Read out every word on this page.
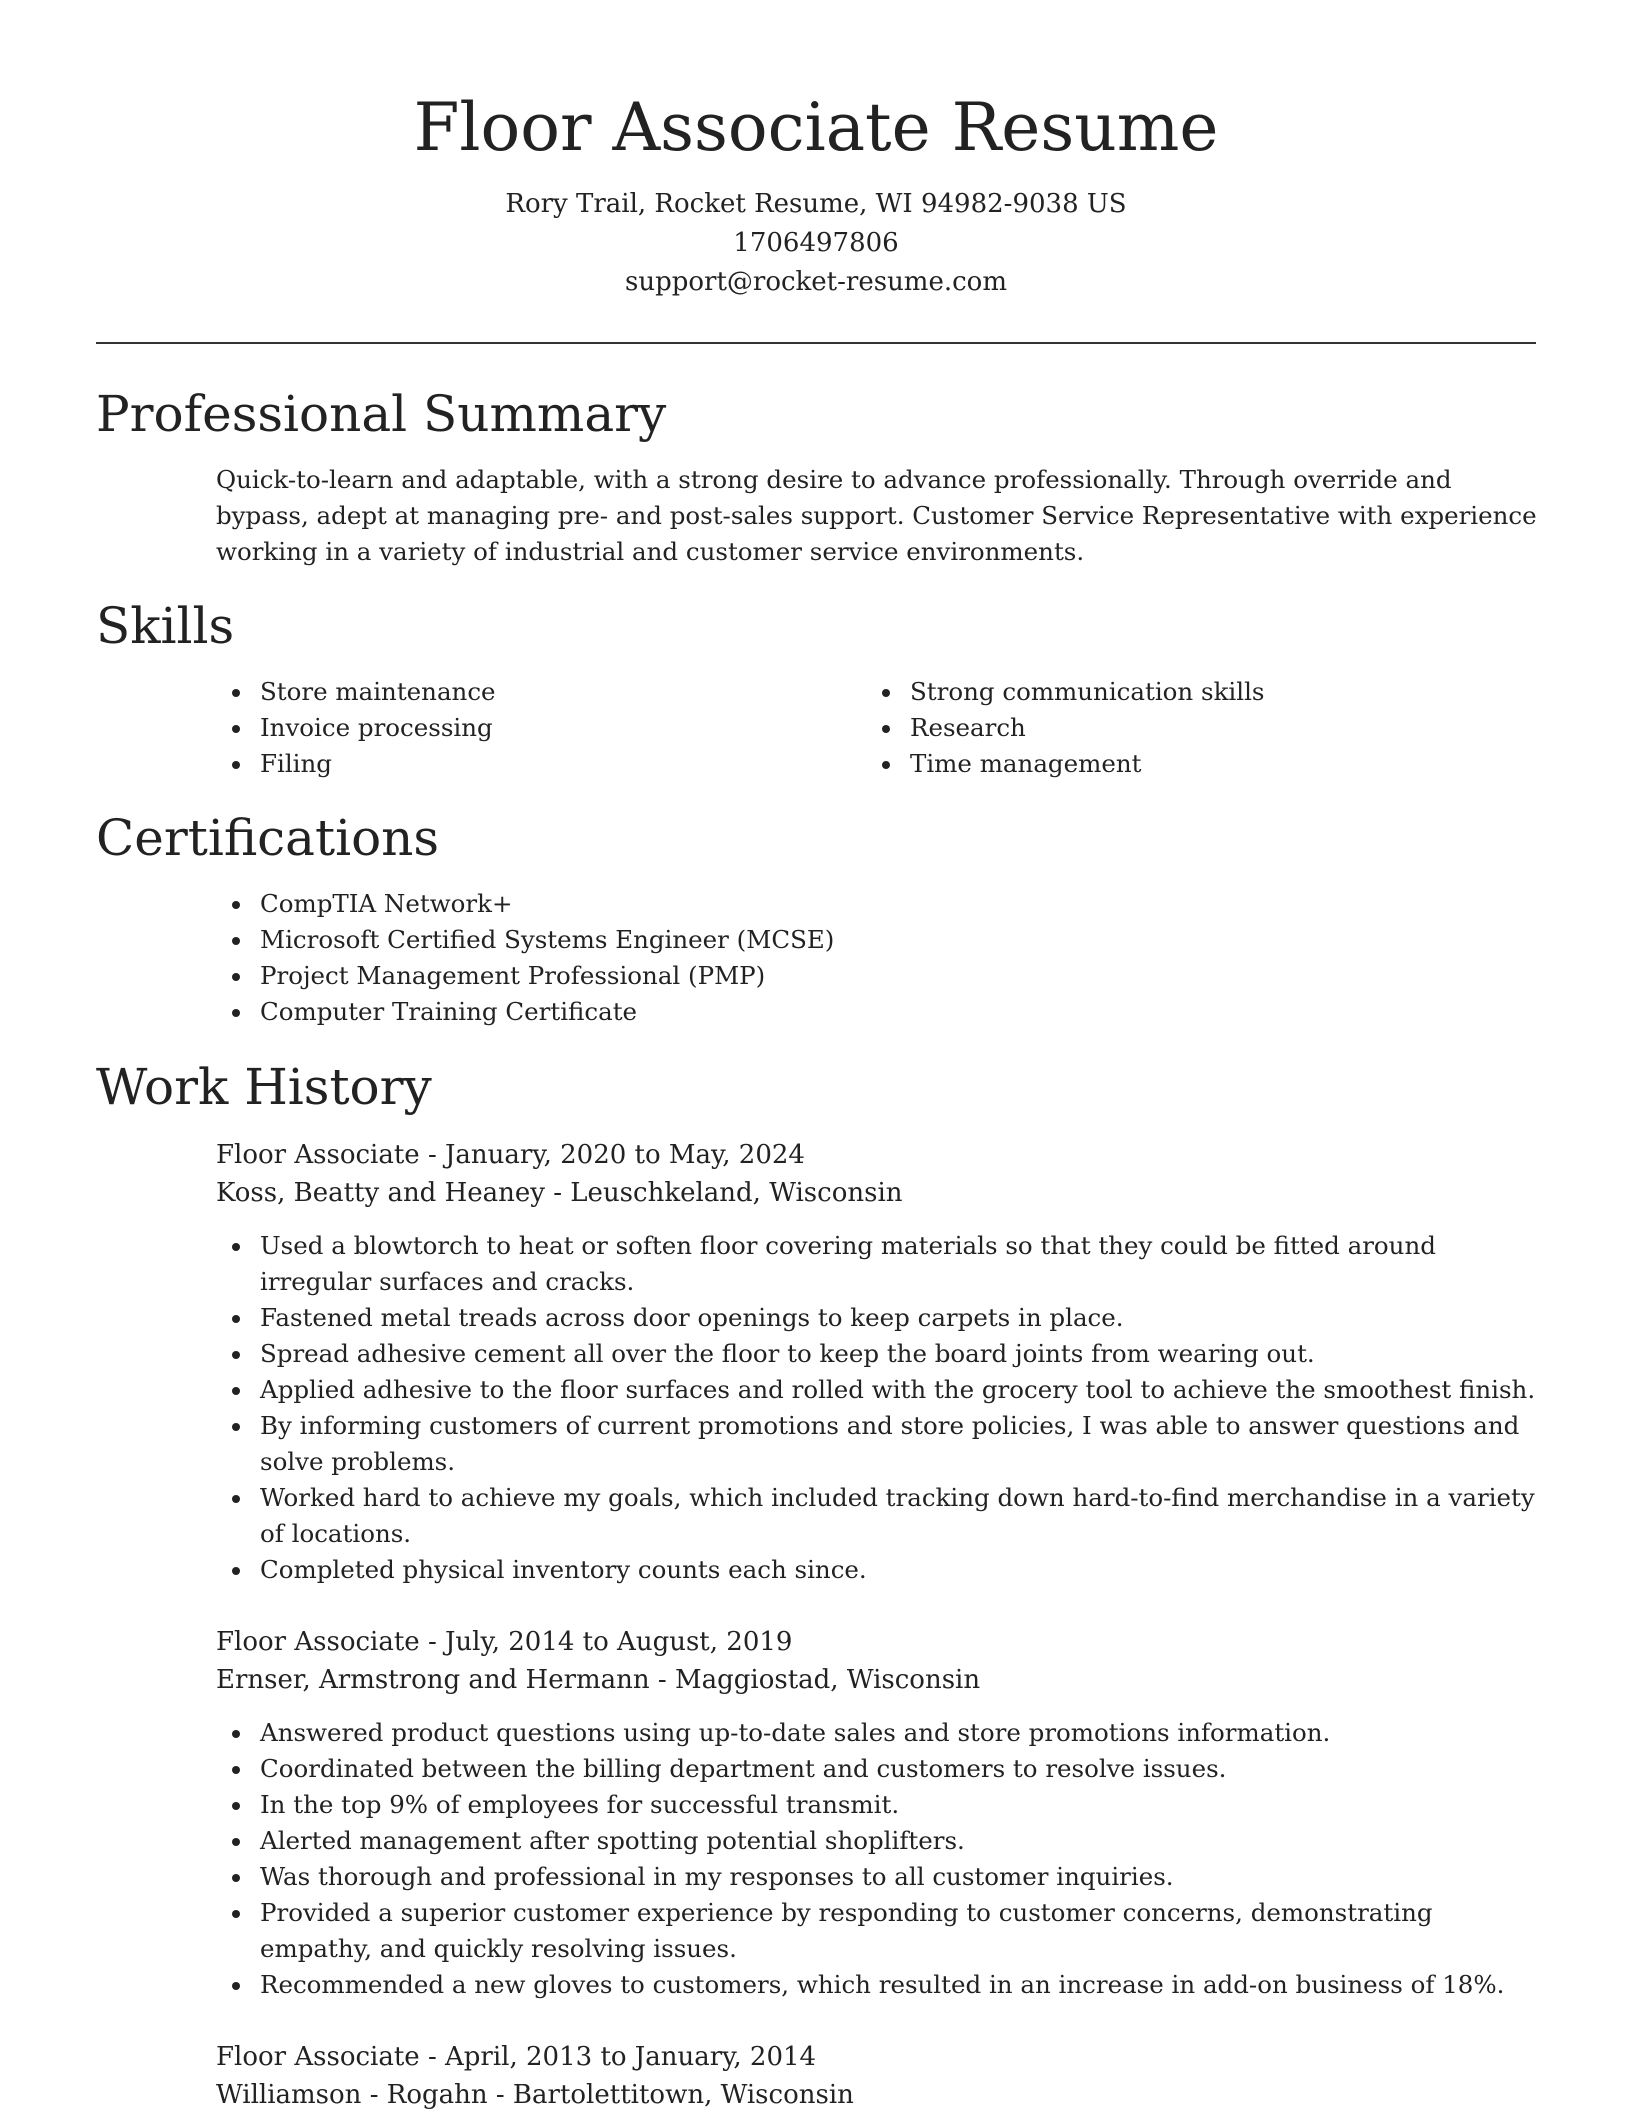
Floor Associate Resume
Rory Trail, Rocket Resume, WI 94982-9038 US
1706497806
support@rocket-resume.com
Professional Summary

Quick-to-learn and adaptable, with a strong desire to advance professionally. Through override and bypass, adept at managing pre- and post-sales support. Customer Service Representative with experience working in a variety of industrial and customer service environments.

Skills
Store maintenance
Invoice processing
Filing
Strong communication skills
Research
Time management
Certifications
CompTIA Network+
Microsoft Certified Systems Engineer (MCSE)
Project Management Professional (PMP)
Computer Training Certificate
Work History
Floor Associate - January, 2020 to May, 2024
Koss, Beatty and Heaney - Leuschkeland, Wisconsin
Used a blowtorch to heat or soften floor covering materials so that they could be fitted around irregular surfaces and cracks.
Fastened metal treads across door openings to keep carpets in place.
Spread adhesive cement all over the floor to keep the board joints from wearing out.
Applied adhesive to the floor surfaces and rolled with the grocery tool to achieve the smoothest finish.
By informing customers of current promotions and store policies, I was able to answer questions and solve problems.
Worked hard to achieve my goals, which included tracking down hard-to-find merchandise in a variety of locations.
Completed physical inventory counts each since.
Floor Associate - July, 2014 to August, 2019
Ernser, Armstrong and Hermann - Maggiostad, Wisconsin
Answered product questions using up-to-date sales and store promotions information.
Coordinated between the billing department and customers to resolve issues.
In the top 9% of employees for successful transmit.
Alerted management after spotting potential shoplifters.
Was thorough and professional in my responses to all customer inquiries.
Provided a superior customer experience by responding to customer concerns, demonstrating empathy, and quickly resolving issues.
Recommended a new gloves to customers, which resulted in an increase in add-on business of 18%.
Floor Associate - April, 2013 to January, 2014
Williamson - Rogahn - Bartolettitown, Wisconsin
